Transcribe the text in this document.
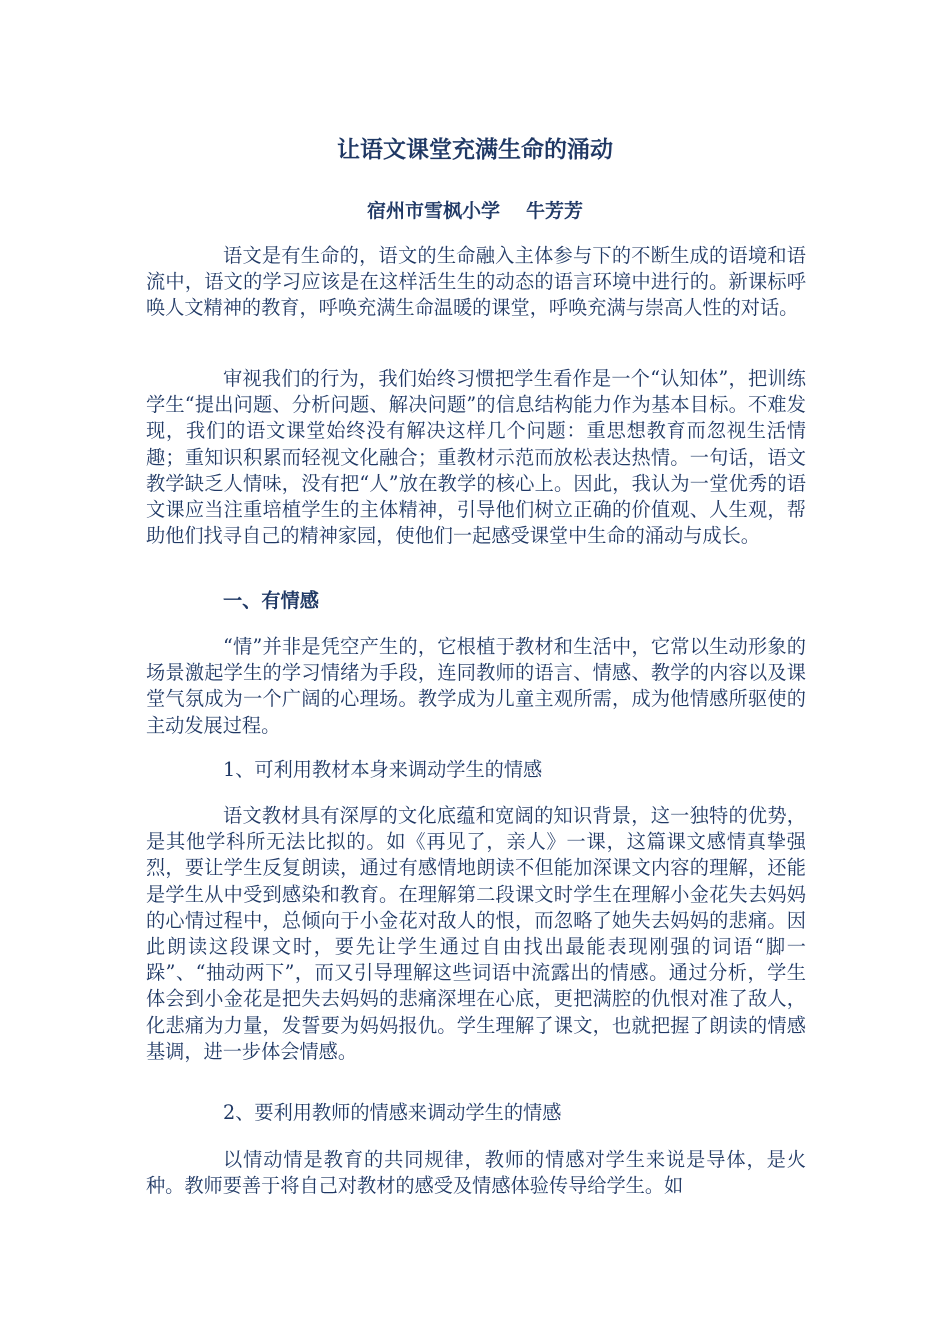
让语文课堂充满生命的涌动
宿州市雪枫小学 牛芳芳

语文是有生命的，语文的生命融入主体参与下的不断生成的语境和语流中，语文的学习应该是在这样活生生的动态的语言环境中进行的。新课标呼唤人文精神的教育，呼唤充满生命温暖的课堂，呼唤充满与崇高人性的对话。

审视我们的行为，我们始终习惯把学生看作是一个“认知体”，把训练学生“提出问题、分析问题、解决问题”的信息结构能力作为基本目标。不难发现，我们的语文课堂始终没有解决这样几个问题：重思想教育而忽视生活情趣；重知识积累而轻视文化融合；重教材示范而放松表达热情。一句话，语文教学缺乏人情味，没有把“人”放在教学的核心上。因此，我认为一堂优秀的语文课应当注重培植学生的主体精神，引导他们树立正确的价值观、人生观，帮助他们找寻自己的精神家园，使他们一起感受课堂中生命的涌动与成长。

一、有情感

“情”并非是凭空产生的，它根植于教材和生活中，它常以生动形象的场景激起学生的学习情绪为手段，连同教师的语言、情感、教学的内容以及课堂气氛成为一个广阔的心理场。教学成为儿童主观所需，成为他情感所驱使的主动发展过程。

1、可利用教材本身来调动学生的情感

语文教材具有深厚的文化底蕴和宽阔的知识背景，这一独特的优势，是其他学科所无法比拟的。如《再见了，亲人》一课，这篇课文感情真挚强烈，要让学生反复朗读，通过有感情地朗读不但能加深课文内容的理解，还能是学生从中受到感染和教育。在理解第二段课文时学生在理解小金花失去妈妈的心情过程中，总倾向于小金花对敌人的恨，而忽略了她失去妈妈的悲痛。因此朗读这段课文时，要先让学生通过自由找出最能表现刚强的词语“脚一跺”、“抽动两下”，而又引导理解这些词语中流露出的情感。通过分析，学生体会到小金花是把失去妈妈的悲痛深埋在心底，更把满腔的仇恨对准了敌人，化悲痛为力量，发誓要为妈妈报仇。学生理解了课文，也就把握了朗读的情感基调，进一步体会情感。

2、要利用教师的情感来调动学生的情感

以情动情是教育的共同规律，教师的情感对学生来说是导体，是火种。教师要善于将自己对教材的感受及情感体验传导给学生。如
